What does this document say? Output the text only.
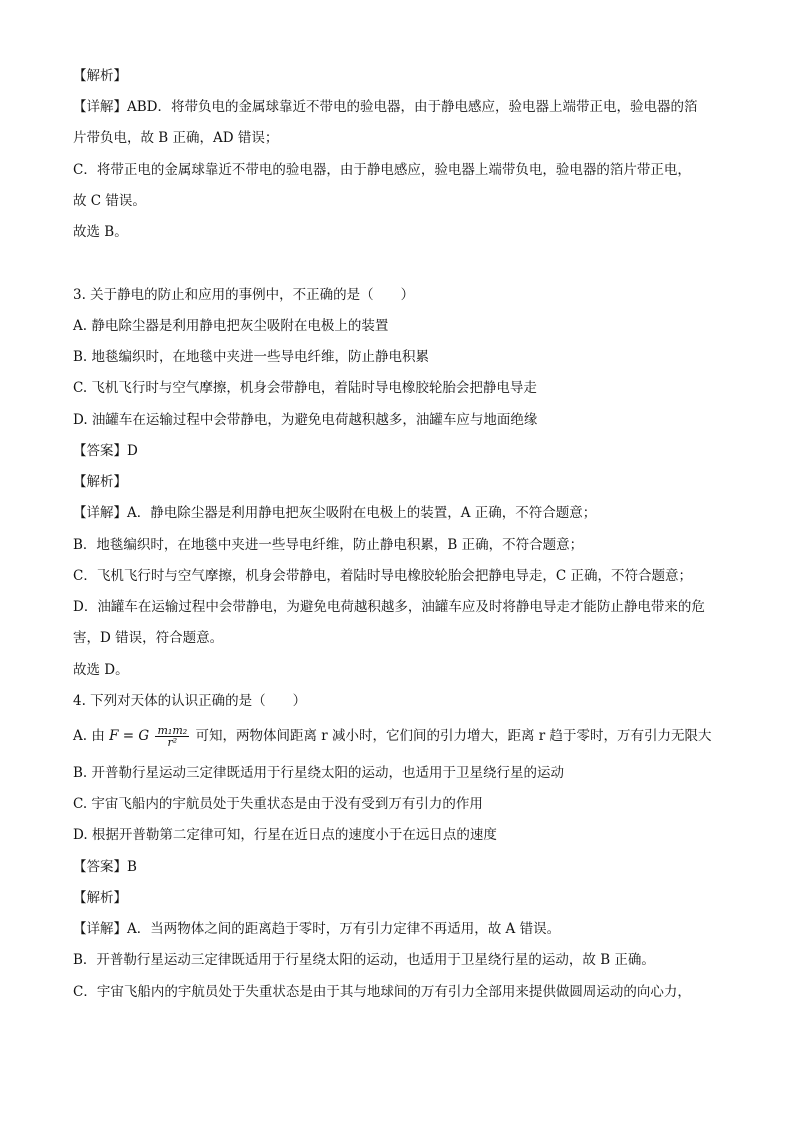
【解析】
【详解】ABD．将带负电的金属球靠近不带电的验电器，由于静电感应，验电器上端带正电，验电器的箔
片带负电，故 B 正确，AD 错误；
C．将带正电的金属球靠近不带电的验电器，由于静电感应，验电器上端带负电，验电器的箔片带正电，
故 C 错误。
故选 B。
3. 关于静电的防止和应用的事例中，不正确的是（　　）
A. 静电除尘器是利用静电把灰尘吸附在电极上的装置
B. 地毯编织时，在地毯中夹进一些导电纤维，防止静电积累
C. 飞机飞行时与空气摩擦，机身会带静电，着陆时导电橡胶轮胎会把静电导走
D. 油罐车在运输过程中会带静电，为避免电荷越积越多，油罐车应与地面绝缘
【答案】D
【解析】
【详解】A．静电除尘器是利用静电把灰尘吸附在电极上的装置，A 正确，不符合题意；
B．地毯编织时，在地毯中夹进一些导电纤维，防止静电积累，B 正确，不符合题意；
C．飞机飞行时与空气摩擦，机身会带静电，着陆时导电橡胶轮胎会把静电导走，C 正确，不符合题意；
D．油罐车在运输过程中会带静电，为避免电荷越积越多，油罐车应及时将静电导走才能防止静电带来的危
害，D 错误，符合题意。
故选 D。
4. 下列对天体的认识正确的是（　　）
A. 由 F = G $\frac{\text{m₁m₂}}{\text{r²}}$ 可知，两物体间距离 r 减小时，它们间的引力增大，距离 r 趋于零时，万有引力无限大
B. 开普勒行星运动三定律既适用于行星绕太阳的运动，也适用于卫星绕行星的运动
C. 宇宙飞船内的宇航员处于失重状态是由于没有受到万有引力的作用
D. 根据开普勒第二定律可知，行星在近日点的速度小于在远日点的速度
【答案】B
【解析】
【详解】A．当两物体之间的距离趋于零时，万有引力定律不再适用，故 A 错误。
B．开普勒行星运动三定律既适用于行星绕太阳的运动，也适用于卫星绕行星的运动，故 B 正确。
C．宇宙飞船内的宇航员处于失重状态是由于其与地球间的万有引力全部用来提供做圆周运动的向心力，
